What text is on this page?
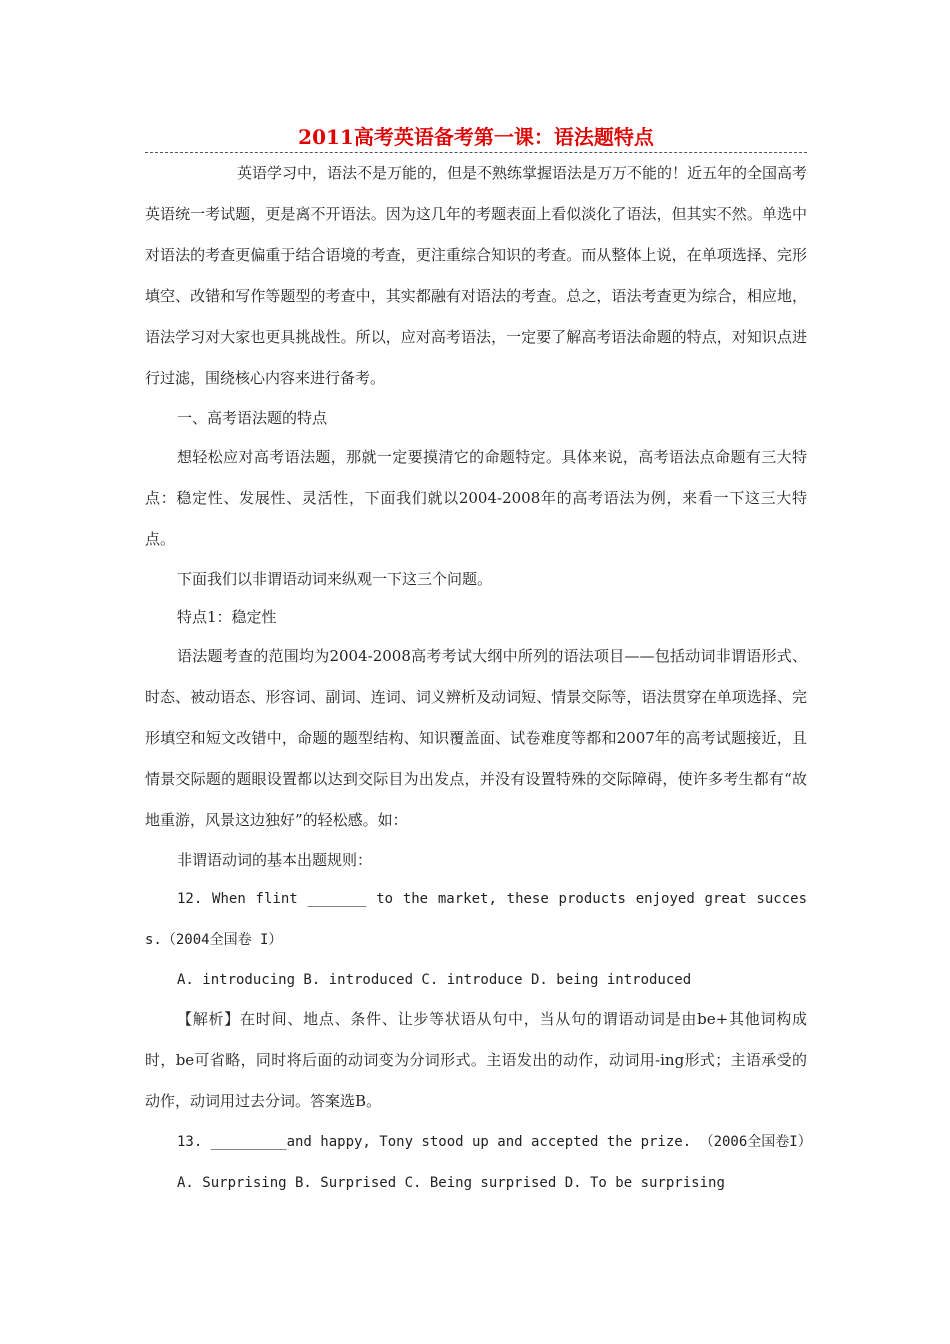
2011高考英语备考第一课：语法题特点

英语学习中，语法不是万能的，但是不熟练掌握语法是万万不能的！近五年的全国高考英语统一考试题，更是离不开语法。因为这几年的考题表面上看似淡化了语法，但其实不然。单选中对语法的考查更偏重于结合语境的考查，更注重综合知识的考查。而从整体上说，在单项选择、完形填空、改错和写作等题型的考查中，其实都融有对语法的考查。总之，语法考查更为综合，相应地，语法学习对大家也更具挑战性。所以，应对高考语法，一定要了解高考语法命题的特点，对知识点进行过滤，围绕核心内容来进行备考。

一、高考语法题的特点

想轻松应对高考语法题，那就一定要摸清它的命题特定。具体来说，高考语法点命题有三大特点：稳定性、发展性、灵活性，下面我们就以2004-2008年的高考语法为例，来看一下这三大特点。

下面我们以非谓语动词来纵观一下这三个问题。

特点1：稳定性

语法题考查的范围均为2004-2008高考考试大纲中所列的语法项目——包括动词非谓语形式、时态、被动语态、形容词、副词、连词、词义辨析及动词短、情景交际等，语法贯穿在单项选择、完形填空和短文改错中，命题的题型结构、知识覆盖面、试卷难度等都和2007年的高考试题接近，且情景交际题的题眼设置都以达到交际目为出发点，并没有设置特殊的交际障碍，使许多考生都有“故地重游，风景这边独好”的轻松感。如：

非谓语动词的基本出题规则：

12. When flint _______ to the market, these products enjoyed great success.（2004全国卷 I）

A. introducing B. introduced C. introduce D. being introduced

【解析】在时间、地点、条件、让步等状语从句中，当从句的谓语动词是由be+其他词构成时，be可省略，同时将后面的动词变为分词形式。主语发出的动作，动词用-ing形式；主语承受的动作，动词用过去分词。答案选B。

13. _________and happy, Tony stood up and accepted the prize. （2006全国卷I）

A. Surprising B. Surprised C. Being surprised D. To be surprising
